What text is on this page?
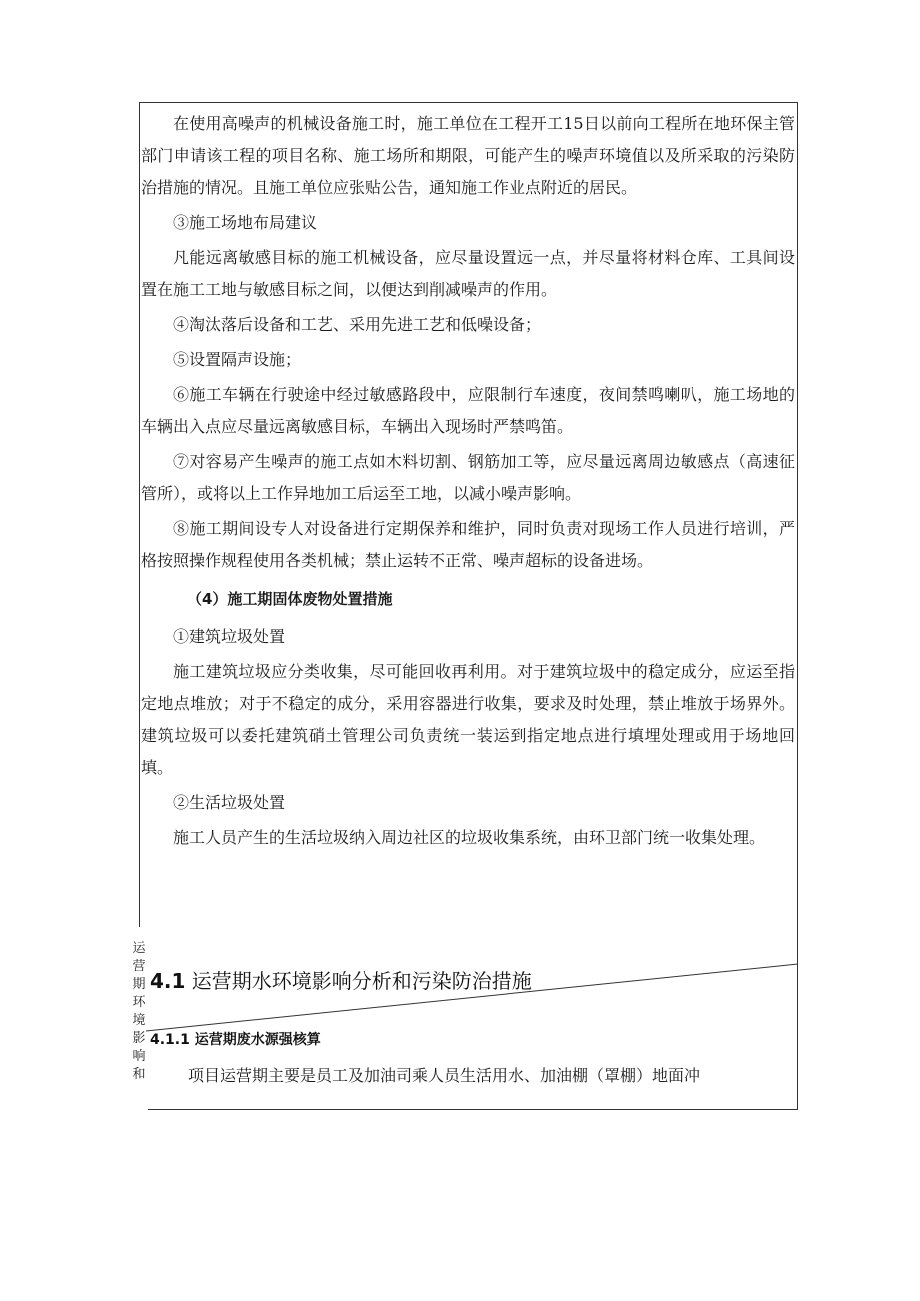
在使用高噪声的机械设备施工时，施工单位在工程开工15日以前向工程所在地环保主管部门申请该工程的项目名称、施工场所和期限，可能产生的噪声环境值以及所采取的污染防治措施的情况。且施工单位应张贴公告，通知施工作业点附近的居民。

③施工场地布局建议

凡能远离敏感目标的施工机械设备，应尽量设置远一点，并尽量将材料仓库、工具间设置在施工工地与敏感目标之间，以便达到削减噪声的作用。

④淘汰落后设备和工艺、采用先进工艺和低噪设备；

⑤设置隔声设施；

⑥施工车辆在行驶途中经过敏感路段中，应限制行车速度，夜间禁鸣喇叭，施工场地的车辆出入点应尽量远离敏感目标，车辆出入现场时严禁鸣笛。

⑦对容易产生噪声的施工点如木料切割、钢筋加工等，应尽量远离周边敏感点（高速征管所），或将以上工作异地加工后运至工地，以减小噪声影响。

⑧施工期间设专人对设备进行定期保养和维护，同时负责对现场工作人员进行培训，严格按照操作规程使用各类机械；禁止运转不正常、噪声超标的设备进场。

（4）施工期固体废物处置措施

①建筑垃圾处置

施工建筑垃圾应分类收集，尽可能回收再利用。对于建筑垃圾中的稳定成分，应运至指定地点堆放；对于不稳定的成分，采用容器进行收集，要求及时处理，禁止堆放于场界外。建筑垃圾可以委托建筑硝土管理公司负责统一装运到指定地点进行填埋处理或用于场地回填。

②生活垃圾处置

施工人员产生的生活垃圾纳入周边社区的垃圾收集系统，由环卫部门统一收集处理。

运营期环境影响和
4.1 运营期水环境影响分析和污染防治措施
4.1.1 运营期废水源强核算
项目运营期主要是员工及加油司乘人员生活用水、加油棚（罩棚）地面冲
